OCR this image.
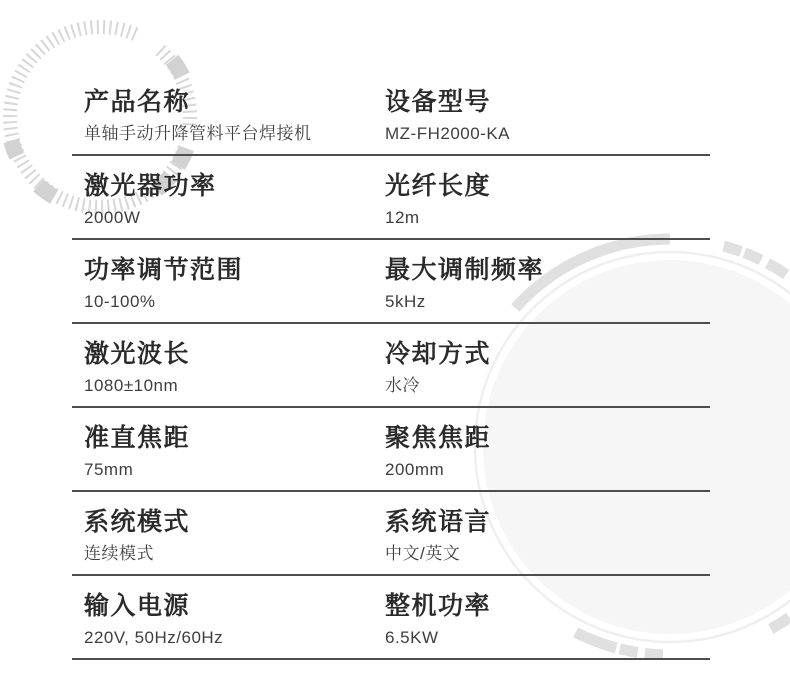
产品名称
单轴手动升降管料平台焊接机
设备型号
MZ-FH2000-KA
激光器功率
2000W
光纤长度
12m
功率调节范围
10-100%
最大调制频率
5kHz
激光波长
1080±10nm
冷却方式
水冷
准直焦距
75mm
聚焦焦距
200mm
系统模式
连续模式
系统语言
中文/英文
输入电源
220V, 50Hz/60Hz
整机功率
6.5KW
